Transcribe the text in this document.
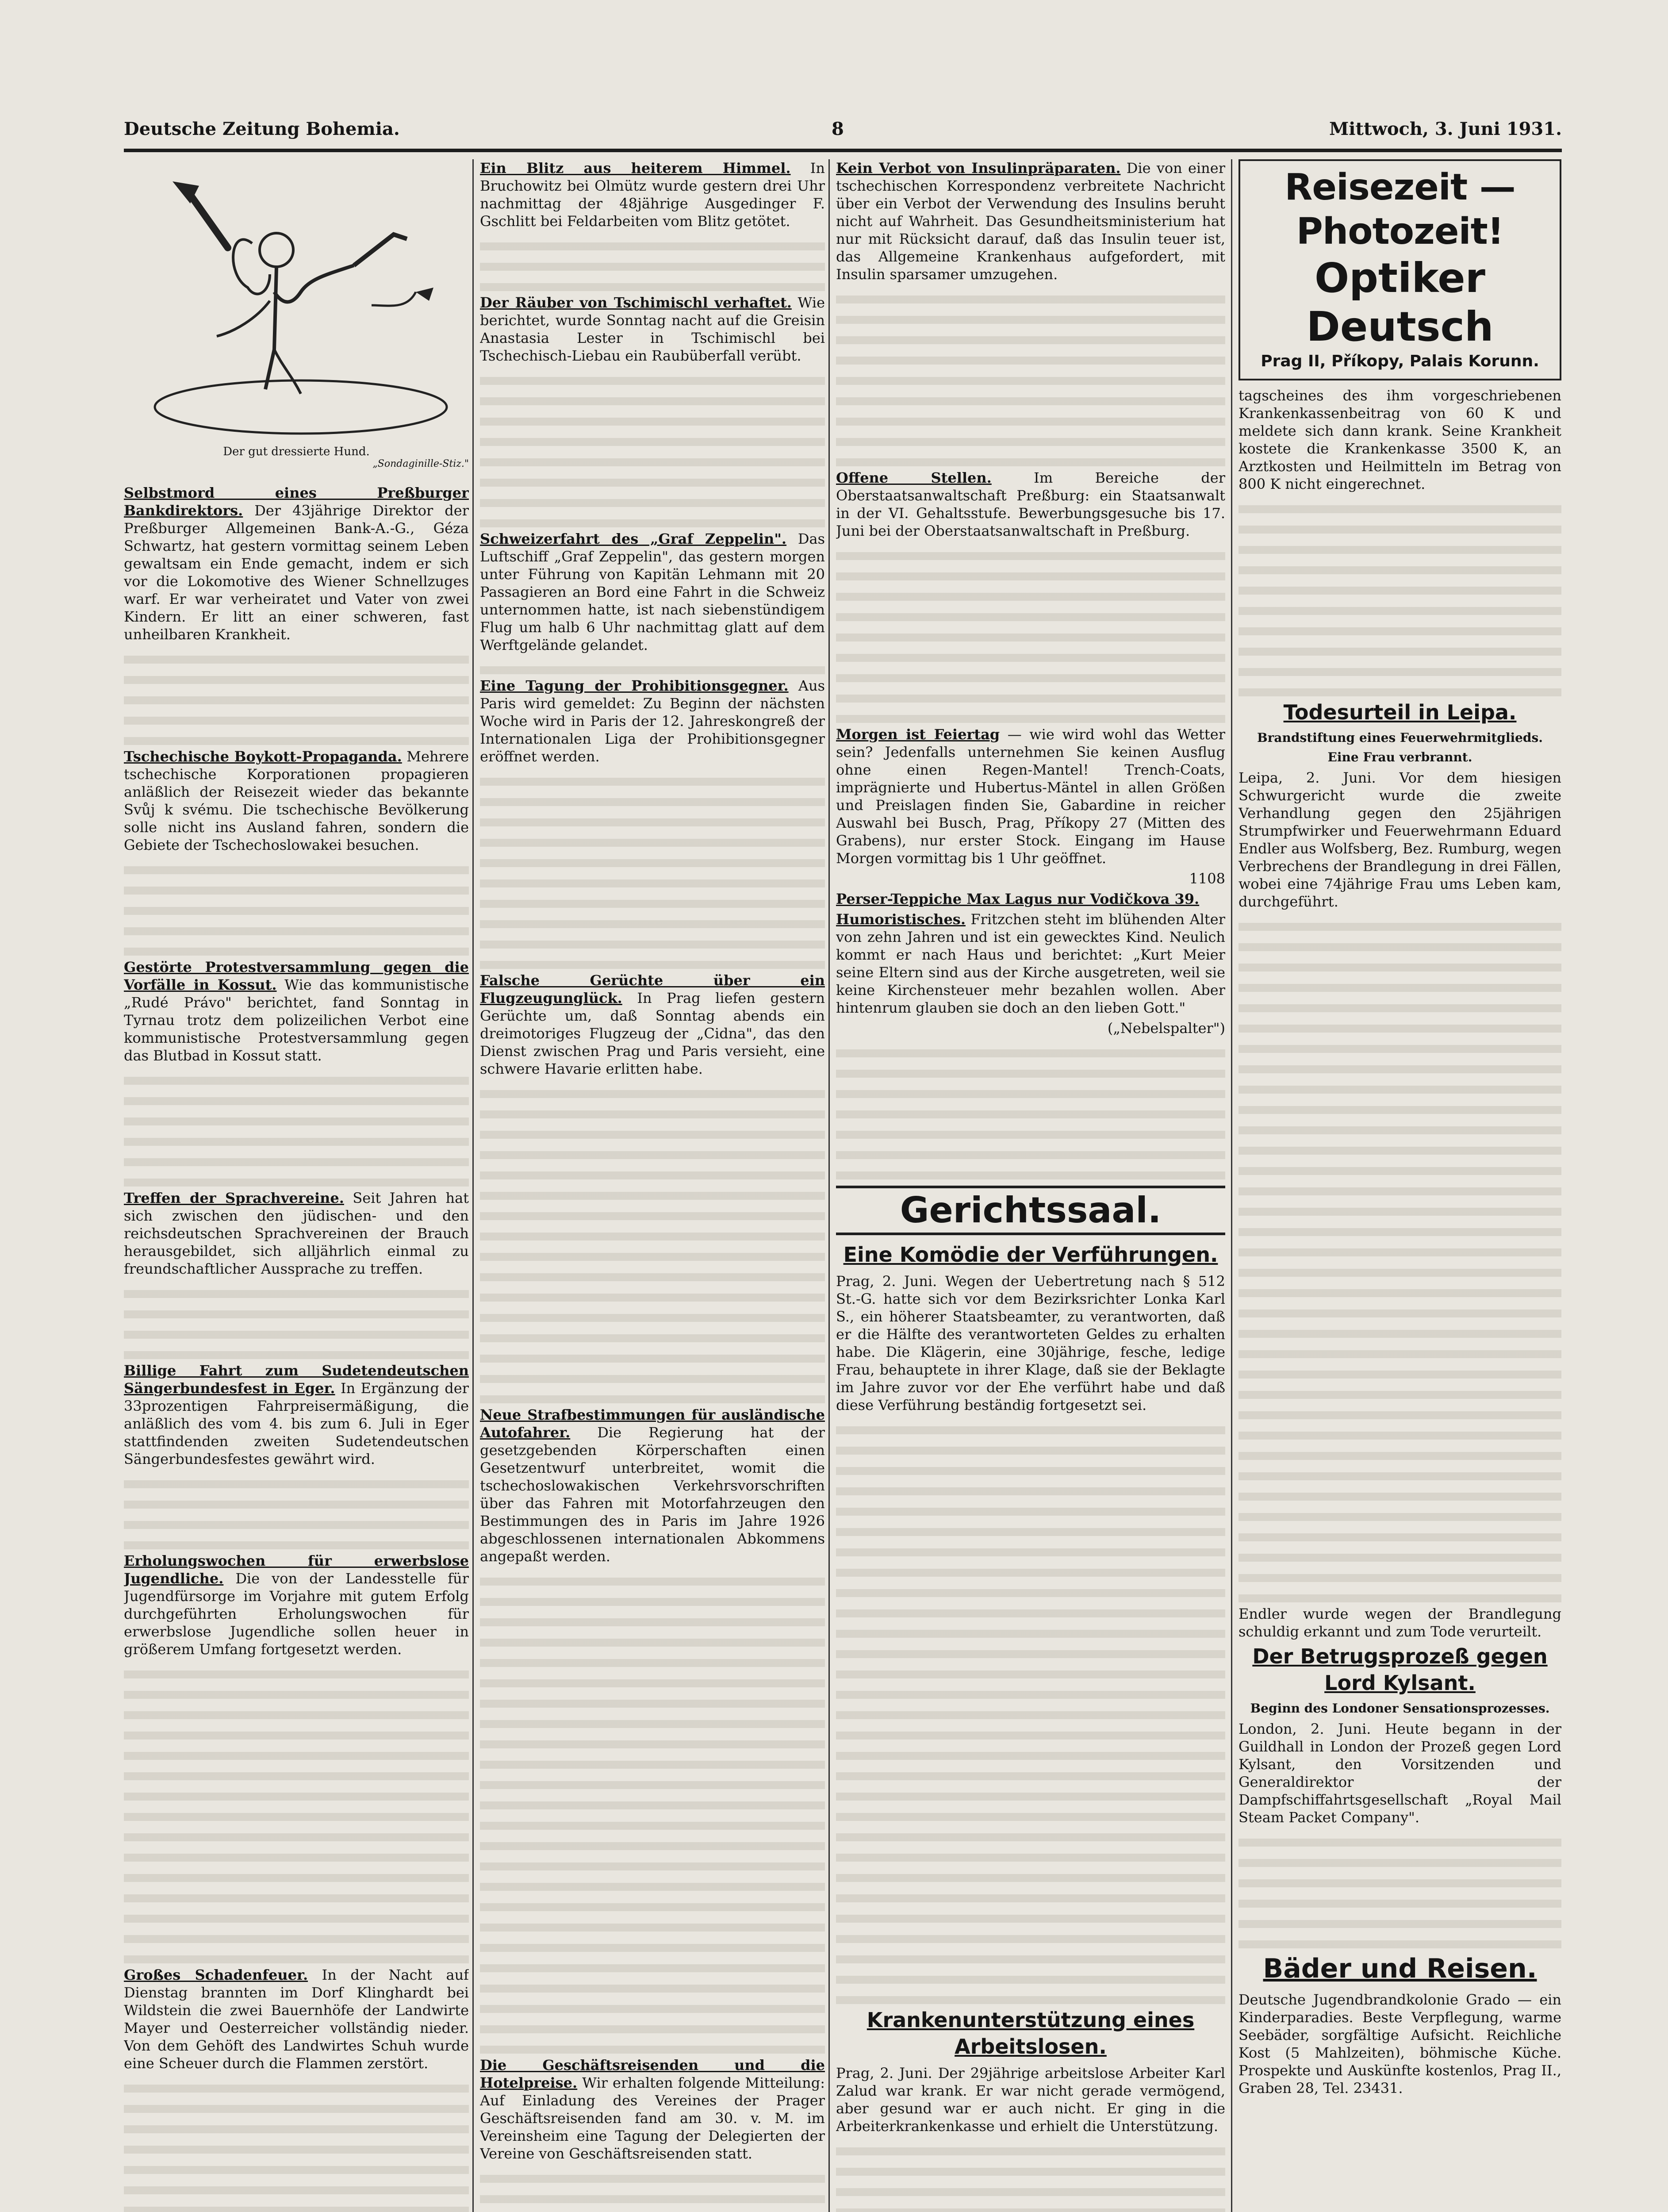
Deutsche Zeitung Bohemia.	8	Mittwoch, 3. Juni 1931.
Der gut dressierte Hund.
„Sondaginille-Stiz."

Selbstmord eines Preßburger Bankdirektors. Der 43jährige Direktor der Preßburger Allgemeinen Bank-A.-G., Géza Schwartz, hat gestern vormittag seinem Leben gewaltsam ein Ende gemacht, indem er sich vor die Lokomotive des Wiener Schnellzuges warf. Er war verheiratet und Vater von zwei Kindern. Er litt an einer schweren, fast unheilbaren Krankheit.

Tschechische Boykott-Propaganda. Mehrere tschechische Korporationen propagieren anläßlich der Reisezeit wieder das bekannte Svůj k svému. Die tschechische Bevölkerung solle nicht ins Ausland fahren, sondern die Gebiete der Tschechoslowakei besuchen.

Gestörte Protestversammlung gegen die Vorfälle in Kossut. Wie das kommunistische „Rudé Právo" berichtet, fand Sonntag in Tyrnau trotz dem polizeilichen Verbot eine kommunistische Protestversammlung gegen das Blutbad in Kossut statt.

Treffen der Sprachvereine. Seit Jahren hat sich zwischen den jüdischen- und den reichsdeutschen Sprachvereinen der Brauch herausgebildet, sich alljährlich einmal zu freundschaftlicher Aussprache zu treffen.

Billige Fahrt zum Sudetendeutschen Sängerbundesfest in Eger. In Ergänzung der 33prozentigen Fahrpreisermäßigung, die anläßlich des vom 4. bis zum 6. Juli in Eger stattfindenden zweiten Sudetendeutschen Sängerbundesfestes gewährt wird.

Erholungswochen für erwerbslose Jugendliche. Die von der Landesstelle für Jugendfürsorge im Vorjahre mit gutem Erfolg durchgeführten Erholungswochen für erwerbslose Jugendliche sollen heuer in größerem Umfang fortgesetzt werden.

Großes Schadenfeuer. In der Nacht auf Dienstag brannten im Dorf Klinghardt bei Wildstein die zwei Bauernhöfe der Landwirte Mayer und Oesterreicher vollständig nieder. Von dem Gehöft des Landwirtes Schuh wurde eine Scheuer durch die Flammen zerstört.

Ein Blitz aus heiterem Himmel. In Bruchowitz bei Olmütz wurde gestern drei Uhr nachmittag der 48jährige Ausgedinger F. Gschlitt bei Feldarbeiten vom Blitz getötet.

Der Räuber von Tschimischl verhaftet. Wie berichtet, wurde Sonntag nacht auf die Greisin Anastasia Lester in Tschimischl bei Tschechisch-Liebau ein Raubüberfall verübt.

Schweizerfahrt des „Graf Zeppelin". Das Luftschiff „Graf Zeppelin", das gestern morgen unter Führung von Kapitän Lehmann mit 20 Passagieren an Bord eine Fahrt in die Schweiz unternommen hatte, ist nach siebenstündigem Flug um halb 6 Uhr nachmittag glatt auf dem Werftgelände gelandet.

Eine Tagung der Prohibitionsgegner. Aus Paris wird gemeldet: Zu Beginn der nächsten Woche wird in Paris der 12. Jahreskongreß der Internationalen Liga der Prohibitionsgegner eröffnet werden.

Falsche Gerüchte über ein Flugzeugunglück. In Prag liefen gestern Gerüchte um, daß Sonntag abends ein dreimotoriges Flugzeug der „Cidna", das den Dienst zwischen Prag und Paris versieht, eine schwere Havarie erlitten habe.

Neue Strafbestimmungen für ausländische Autofahrer. Die Regierung hat der gesetzgebenden Körperschaften einen Gesetzentwurf unterbreitet, womit die tschechoslowakischen Verkehrsvorschriften über das Fahren mit Motorfahrzeugen den Bestimmungen des in Paris im Jahre 1926 abgeschlossenen internationalen Abkommens angepaßt werden.

Die Geschäftsreisenden und die Hotelpreise. Wir erhalten folgende Mitteilung: Auf Einladung des Vereines der Prager Geschäftsreisenden fand am 30. v. M. im Vereinsheim eine Tagung der Delegierten der Vereine von Geschäftsreisenden statt.

Kein Verbot von Insulinpräparaten. Die von einer tschechischen Korrespondenz verbreitete Nachricht über ein Verbot der Verwendung des Insulins beruht nicht auf Wahrheit. Das Gesundheitsministerium hat nur mit Rücksicht darauf, daß das Insulin teuer ist, das Allgemeine Krankenhaus aufgefordert, mit Insulin sparsamer umzugehen.

Offene Stellen.	Im Bereiche der Oberstaatsanwaltschaft Preßburg: ein Staatsanwalt in der VI. Gehaltsstufe. Bewerbungsgesuche bis 17. Juni bei der Oberstaatsanwaltschaft in Preßburg.

Morgen ist Feiertag — wie wird wohl das Wetter sein? Jedenfalls unternehmen Sie keinen Ausflug ohne einen Regen-Mantel! Trench-Coats, imprägnierte und Hubertus-Mäntel in allen Größen und Preislagen finden Sie, Gabardine in reicher Auswahl bei Busch, Prag, Příkopy 27 (Mitten des Grabens), nur erster Stock. Eingang im Hause Morgen vormittag bis 1 Uhr geöffnet.

1108

Perser-Teppiche Max Lagus nur Vodičkova 39.

Humoristisches. Fritzchen steht im blühenden Alter von zehn Jahren und ist ein gewecktes Kind. Neulich kommt er nach Haus und berichtet: „Kurt Meier seine Eltern sind aus der Kirche ausgetreten, weil sie keine Kirchensteuer mehr bezahlen wollen. Aber hintenrum glauben sie doch an den lieben Gott."

(„Nebelspalter")

Gerichtssaal.
Eine Komödie der Verführungen.

Prag, 2. Juni. Wegen der Uebertretung nach § 512 St.-G. hatte sich vor dem Bezirksrichter Lonka Karl S., ein höherer Staatsbeamter, zu verantworten, daß er die Hälfte des verantworteten Geldes zu erhalten habe. Die Klägerin, eine 30jährige, fesche, ledige Frau, behauptete in ihrer Klage, daß sie der Beklagte im Jahre zuvor vor der Ehe verführt habe und daß diese Verführung beständig fortgesetzt sei.

Krankenunterstützung eines Arbeitslosen.

Prag, 2. Juni. Der 29jährige arbeitslose Arbeiter Karl Zalud war krank. Er war nicht gerade vermögend, aber gesund war er auch nicht. Er ging in die Arbeiterkrankenkasse und erhielt die Unterstützung.

Reisezeit — Photozeit!
Optiker Deutsch
Prag II, Příkopy, Palais Korunn.

tagscheines des ihm vorgeschriebenen Krankenkassenbeitrag von 60 K und meldete sich dann krank. Seine Krankheit kostete die Krankenkasse 3500 K, an Arztkosten und Heilmitteln im Betrag von 800 K nicht eingerechnet.

Todesurteil in Leipa.
Brandstiftung eines Feuerwehrmitglieds.
Eine Frau verbrannt.

Leipa, 2. Juni. Vor dem hiesigen Schwurgericht wurde die zweite Verhandlung gegen den 25jährigen Strumpfwirker und Feuerwehrmann Eduard Endler aus Wolfsberg, Bez. Rumburg, wegen Verbrechens der Brandlegung in drei Fällen, wobei eine 74jährige Frau ums Leben kam, durchgeführt.

Endler wurde wegen der Brandlegung schuldig erkannt und zum Tode verurteilt.

Der Betrugsprozeß gegen Lord Kylsant.
Beginn des Londoner Sensationsprozesses.

London, 2. Juni. Heute begann in der Guildhall in London der Prozeß gegen Lord Kylsant, den Vorsitzenden und Generaldirektor der Dampfschiffahrtsgesellschaft „Royal Mail Steam Packet Company".

Bäder und Reisen.

Deutsche Jugendbrandkolonie Grado — ein Kinderparadies. Beste Verpflegung, warme Seebäder, sorgfältige Aufsicht. Reichliche Kost (5 Mahlzeiten), böhmische Küche. Prospekte und Auskünfte kostenlos, Prag II., Graben 28, Tel. 23431.
